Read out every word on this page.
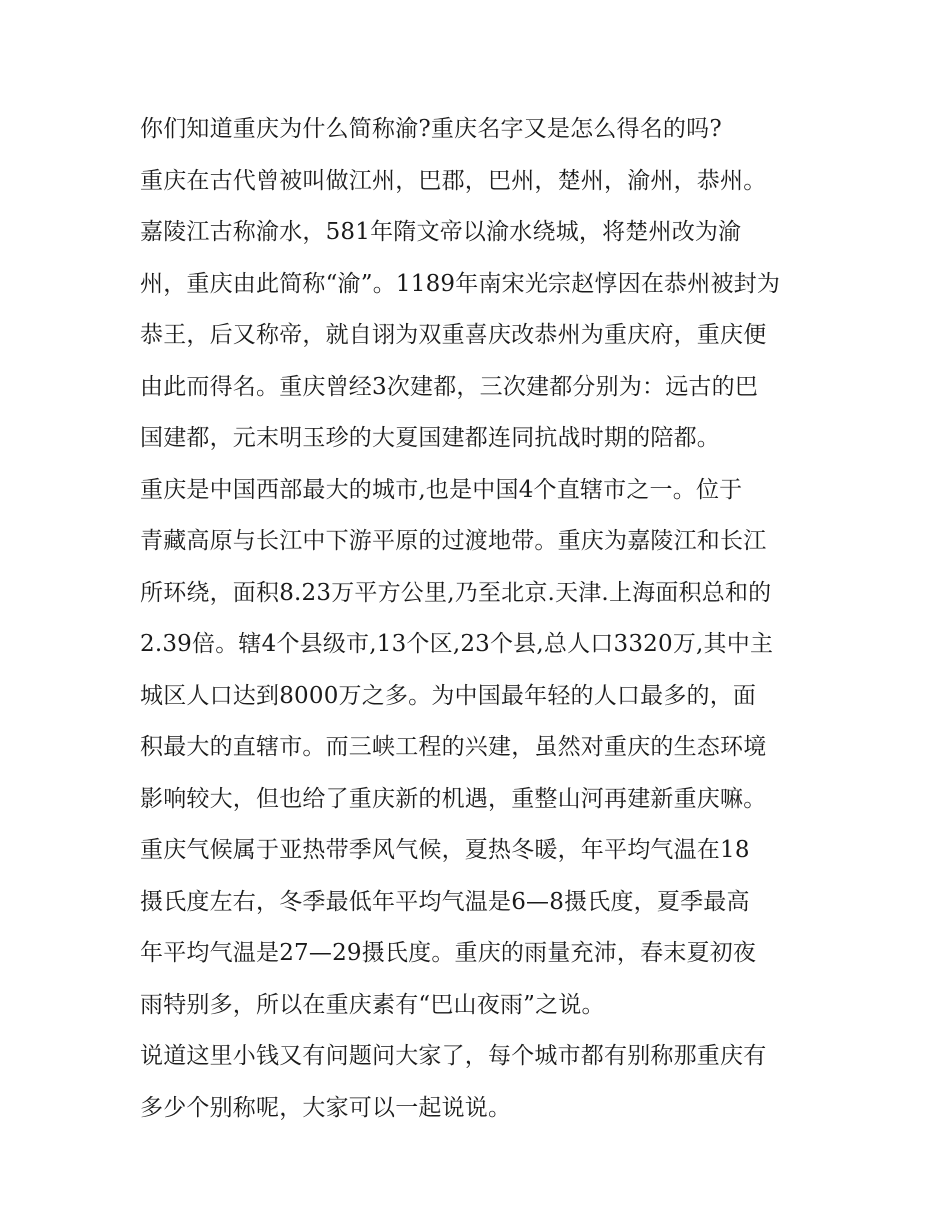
你们知道重庆为什么简称渝?重庆名字又是怎么得名的吗?
重庆在古代曾被叫做江州，巴郡，巴州，楚州，渝州，恭州。
嘉陵江古称渝水，581年隋文帝以渝水绕城，将楚州改为渝
州，重庆由此简称“渝”。1189年南宋光宗赵惇因在恭州被封为
恭王，后又称帝，就自诩为双重喜庆改恭州为重庆府，重庆便
由此而得名。重庆曾经3次建都，三次建都分别为：远古的巴
国建都，元末明玉珍的大夏国建都连同抗战时期的陪都。
重庆是中国西部最大的城市,也是中国4个直辖市之一。位于
青藏高原与长江中下游平原的过渡地带。重庆为嘉陵江和长江
所环绕，面积8.23万平方公里,乃至北京.天津.上海面积总和的
2.39倍。辖4个县级市,13个区,23个县,总人口3320万,其中主
城区人口达到8000万之多。为中国最年轻的人口最多的，面
积最大的直辖市。而三峡工程的兴建，虽然对重庆的生态环境
影响较大，但也给了重庆新的机遇，重整山河再建新重庆嘛。
重庆气候属于亚热带季风气候，夏热冬暖，年平均气温在18
摄氏度左右，冬季最低年平均气温是6—8摄氏度，夏季最高
年平均气温是27—29摄氏度。重庆的雨量充沛，春末夏初夜
雨特别多，所以在重庆素有“巴山夜雨”之说。
说道这里小钱又有问题问大家了，每个城市都有别称那重庆有
多少个别称呢，大家可以一起说说。
